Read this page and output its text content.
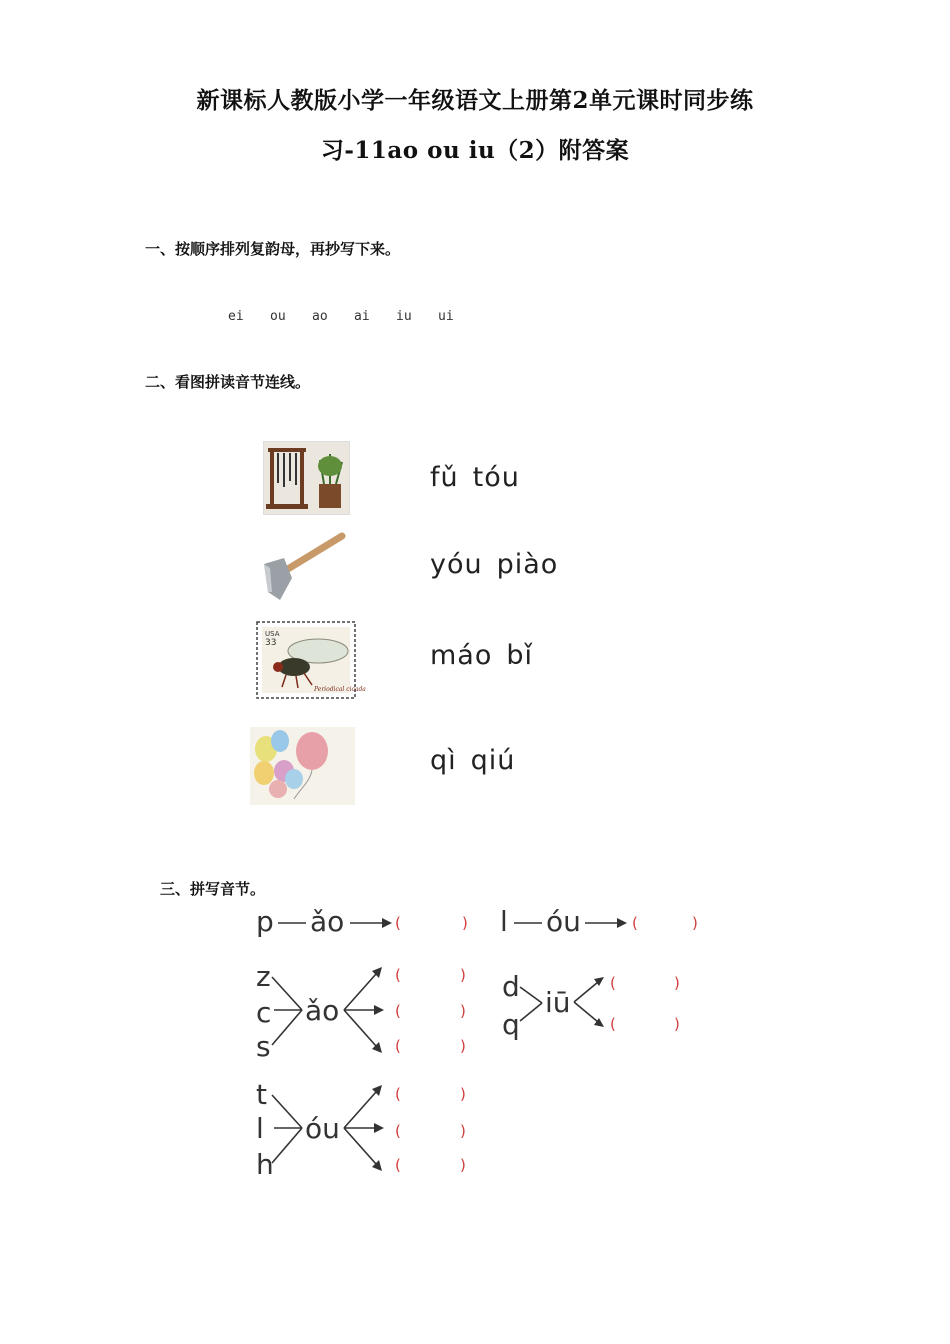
新课标人教版小学一年级语文上册第2单元课时同步练
习-11ao ou iu（2）附答案
一、按顺序排列复韵母，再抄写下来。
ei ou ao ai iu ui
二、看图拼读音节连线。
USA
33
Periodical cicada
fǔ tóu
yóu piào
máo bǐ
qì qiú
三、拼写音节。
p ǎo	(	) l óu	(	)
z
c
s
ǎo
(	)
(	)
(	)
d
q
iū
(	)
(	)
t
l
h
óu
(	)
(	)
(	)
